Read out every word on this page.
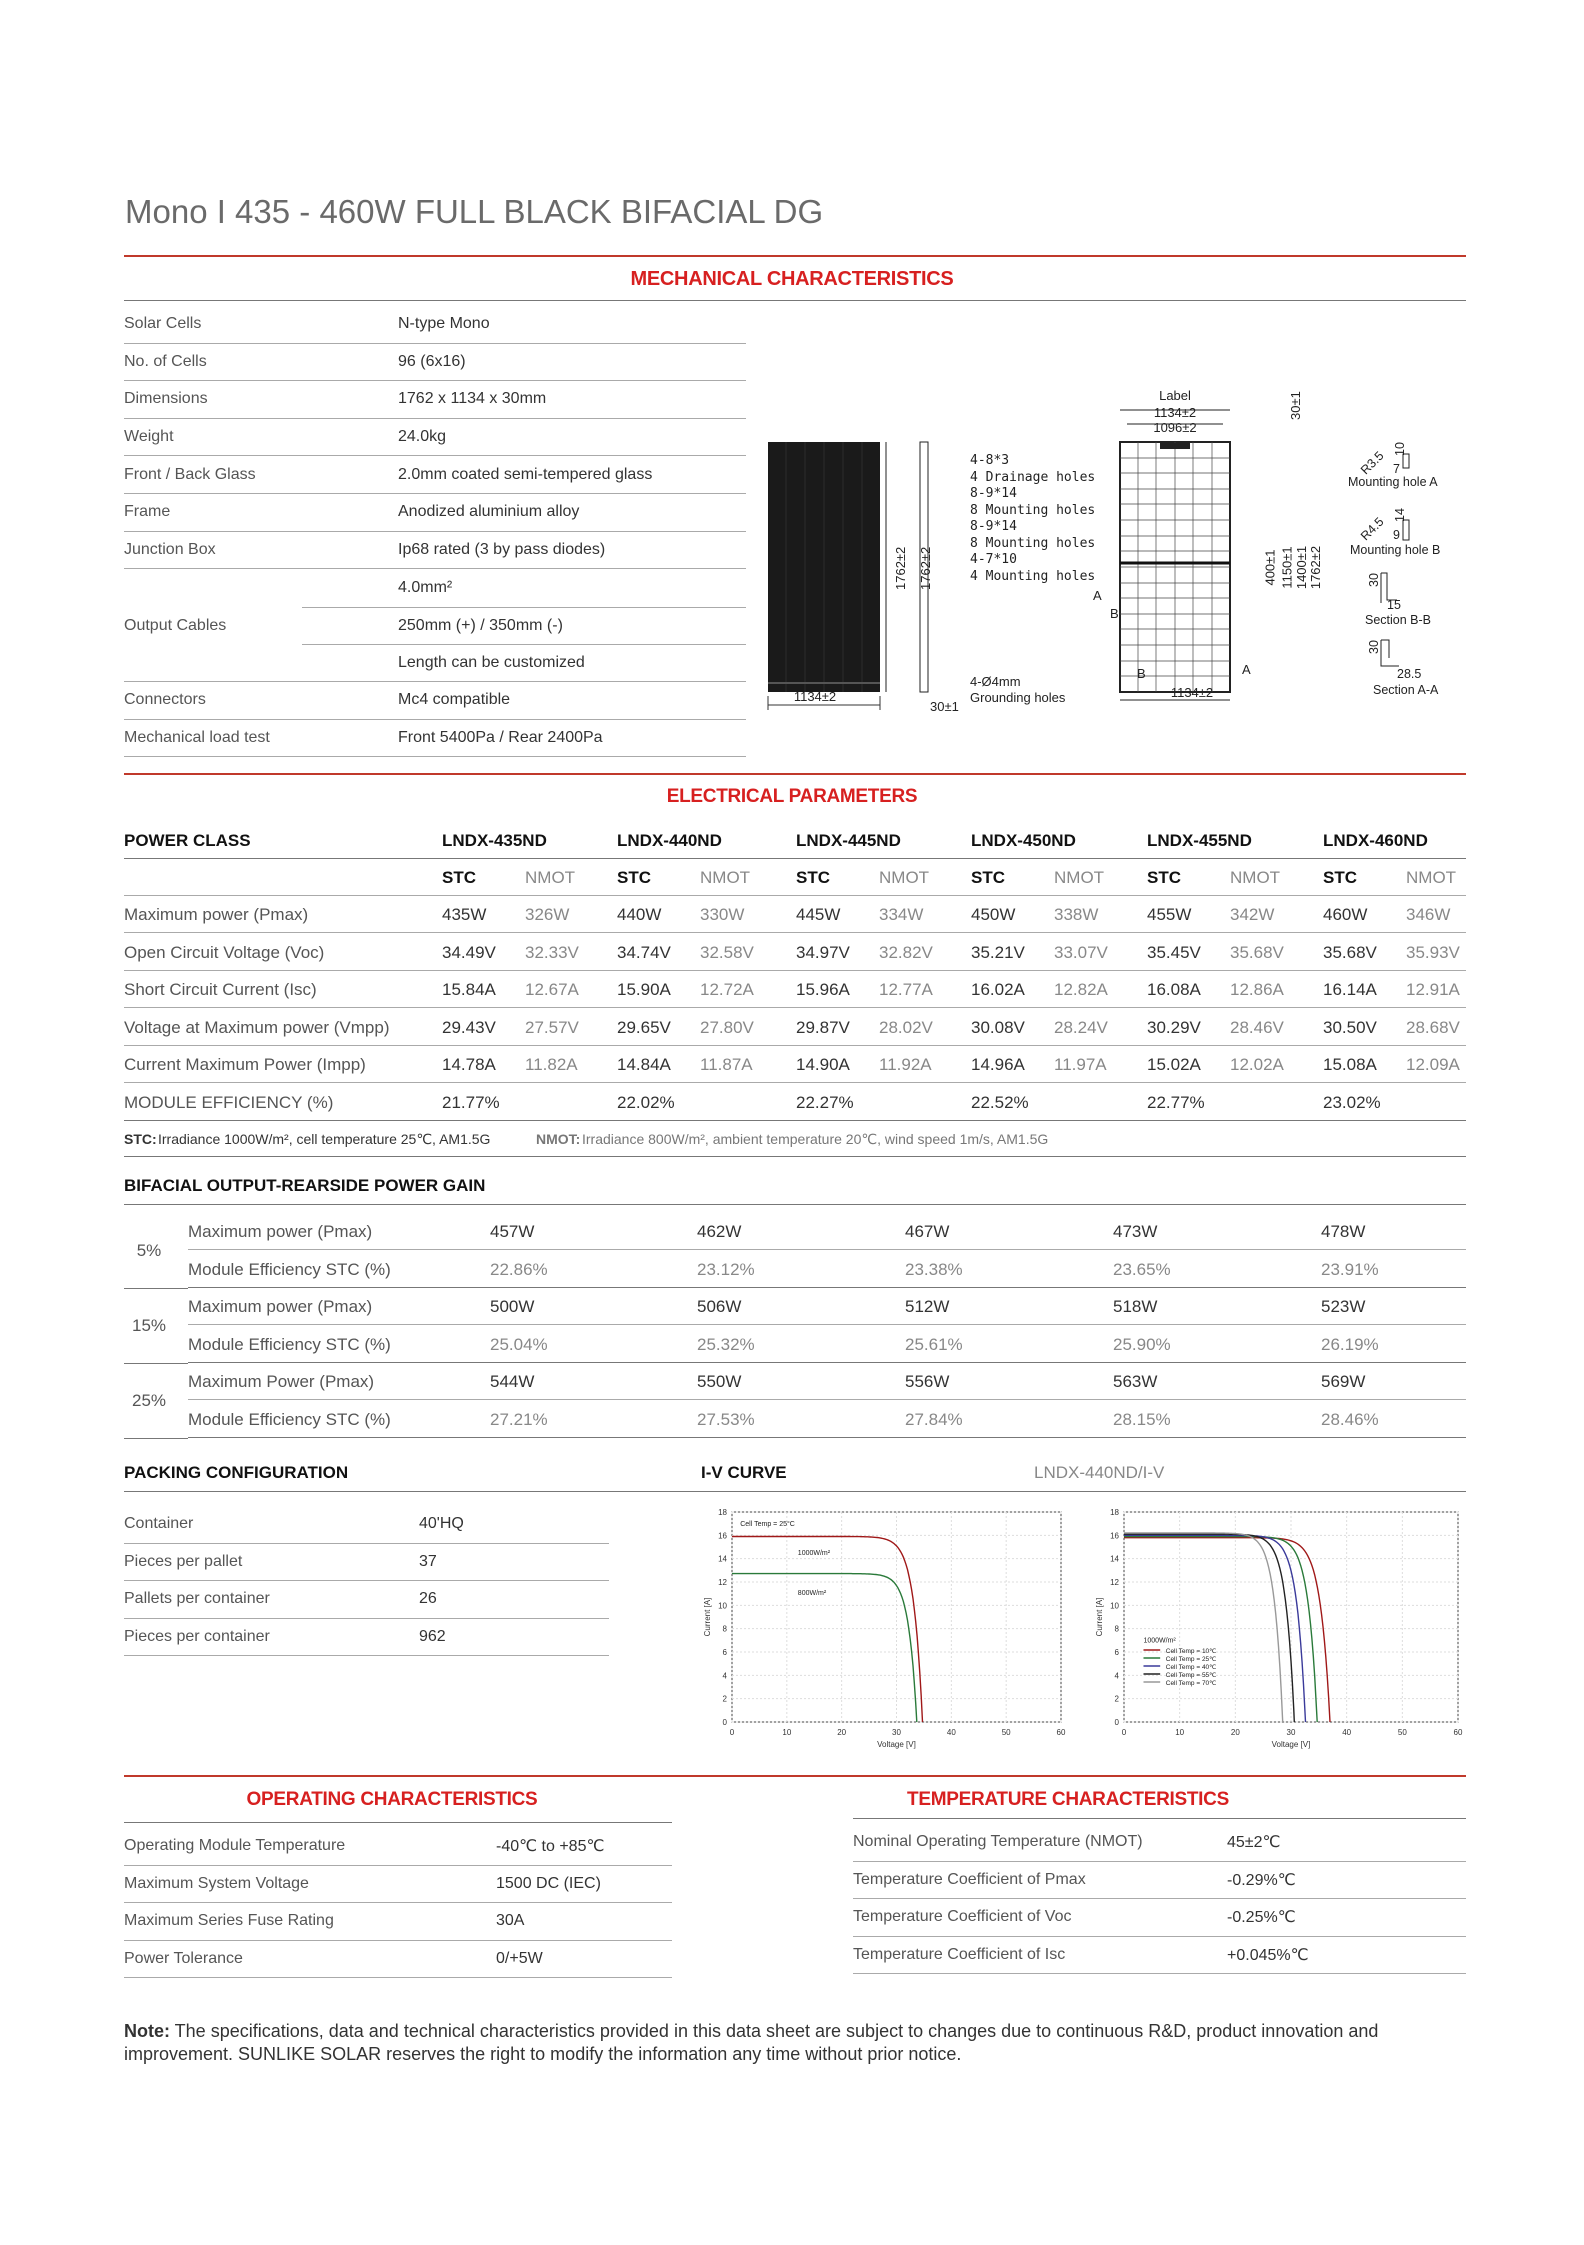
Mono I 435 - 460W FULL BLACK BIFACIAL DG
MECHANICAL CHARACTERISTICS
Solar Cells	N-type Mono
No. of Cells	96 (6x16)
Dimensions	1762 x 1134 x 30mm
Weight	24.0kg
Front / Back Glass	2.0mm coated semi-tempered glass
Frame	Anodized aluminium alloy
Junction Box	Ip68 rated (3 by pass diodes)
Output Cables
4.0mm²
250mm (+) / 350mm (-)
Length can be customized
Connectors	Mc4 compatible
Mechanical load test	Front 5400Pa / Rear 2400Pa
1134±2
1762±2 1762±2
30±1
Label
1134±2
1096±2
30±1
1134±2
B
4-8*3
4 Drainage holes
8-9*14
8 Mounting holes
8-9*14
8 Mounting holes
4-7*10
4 Mounting holes
4-Ø4mm
Grounding holes
A
A
B
400±1 1150±1 1400±1 1762±2
R3.5 10
7
Mounting hole A
R4.5 14
9
Mounting hole B
30
15
Section B-B
30
28.5
Section A-A
ELECTRICAL PARAMETERS
POWER CLASS	LNDX-435ND	LNDX-440ND	LNDX-445ND	LNDX-450ND	LNDX-455ND	LNDX-460ND
STC	NMOT STC	NMOT	STC	NMOT STC	NMOT	STC	NMOT	STC	NMOT
Maximum power (Pmax)	435W 326W	440W 330W	445W 334W	450W 338W	455W 342W	460W 346W
Open Circuit Voltage (Voc)	34.49V 32.33V 34.74V 32.58V 34.97V 32.82V 35.21V 33.07V 35.45V 35.68V 35.68V 35.93V
Short Circuit Current (Isc)	15.84A 12.67A 15.90A 12.72A 15.96A 12.77A 16.02A 12.82A 16.08A 12.86A 16.14A 12.91A
Voltage at Maximum power (Vmpp)	29.43V 27.57V 29.65V 27.80V 29.87V 28.02V 30.08V 28.24V 30.29V 28.46V 30.50V 28.68V
Current Maximum Power (Impp)	14.78A 11.82A 14.84A 11.87A	14.90A 11.92A 14.96A 11.97A 15.02A 12.02A 15.08A 12.09A
MODULE EFFICIENCY (%)	21.77%	22.02%	22.27%	22.52%	22.77%	23.02%
STC: Irradiance 1000W/m², cell temperature 25℃, AM1.5G	NMOT: Irradiance 800W/m², ambient temperature 20℃, wind speed 1m/s, AM1.5G
BIFACIAL OUTPUT-REARSIDE POWER GAIN
5%
Maximum power (Pmax)	457W	462W	467W	473W	478W
Module Efficiency STC (%)	22.86%	23.12%	23.38%	23.65%	23.91%
15%
Maximum power (Pmax)	500W	506W	512W	518W	523W
Module Efficiency STC (%)	25.04%	25.32%	25.61%	25.90%	26.19%
25%
Maximum Power (Pmax)	544W	550W	556W	563W	569W
Module Efficiency STC (%)	27.21%	27.53%	27.84%	28.15%	28.46%
PACKING CONFIGURATION
Container	40'HQ
Pieces per pallet	37
Pallets per container	26
Pieces per container	962
I-V CURVE	LNDX-440ND/I-V
0	10	20	30	40	50	60
0
2
4
6
8
10
12
14
16
18
Voltage [V]
Current [A]
Cell Temp = 25°C
1000W/m²
800W/m²
0	10	20	30	40	50	60
0
2
4
6
8
10
12
14
16
18
Voltage [V]
Current [A]
1000W/m²
Cell Temp = 10℃
Cell Temp = 25℃
Cell Temp = 40℃
Cell Temp = 55℃
Cell Temp = 70℃
OPERATING CHARACTERISTICS
Operating Module Temperature	-40℃ to +85℃
Maximum System Voltage	1500 DC (IEC)
Maximum Series Fuse Rating	30A
Power Tolerance	0/+5W
TEMPERATURE CHARACTERISTICS
Nominal Operating Temperature (NMOT)	45±2℃
Temperature Coefficient of Pmax	-0.29%℃
Temperature Coefficient of Voc	-0.25%℃
Temperature Coefficient of Isc	+0.045%℃
Note: The specifications, data and technical characteristics provided in this data sheet are subject to changes due to continuous R&D, product innovation and improvement. SUNLIKE SOLAR reserves the right to modify the information any time without prior notice.
